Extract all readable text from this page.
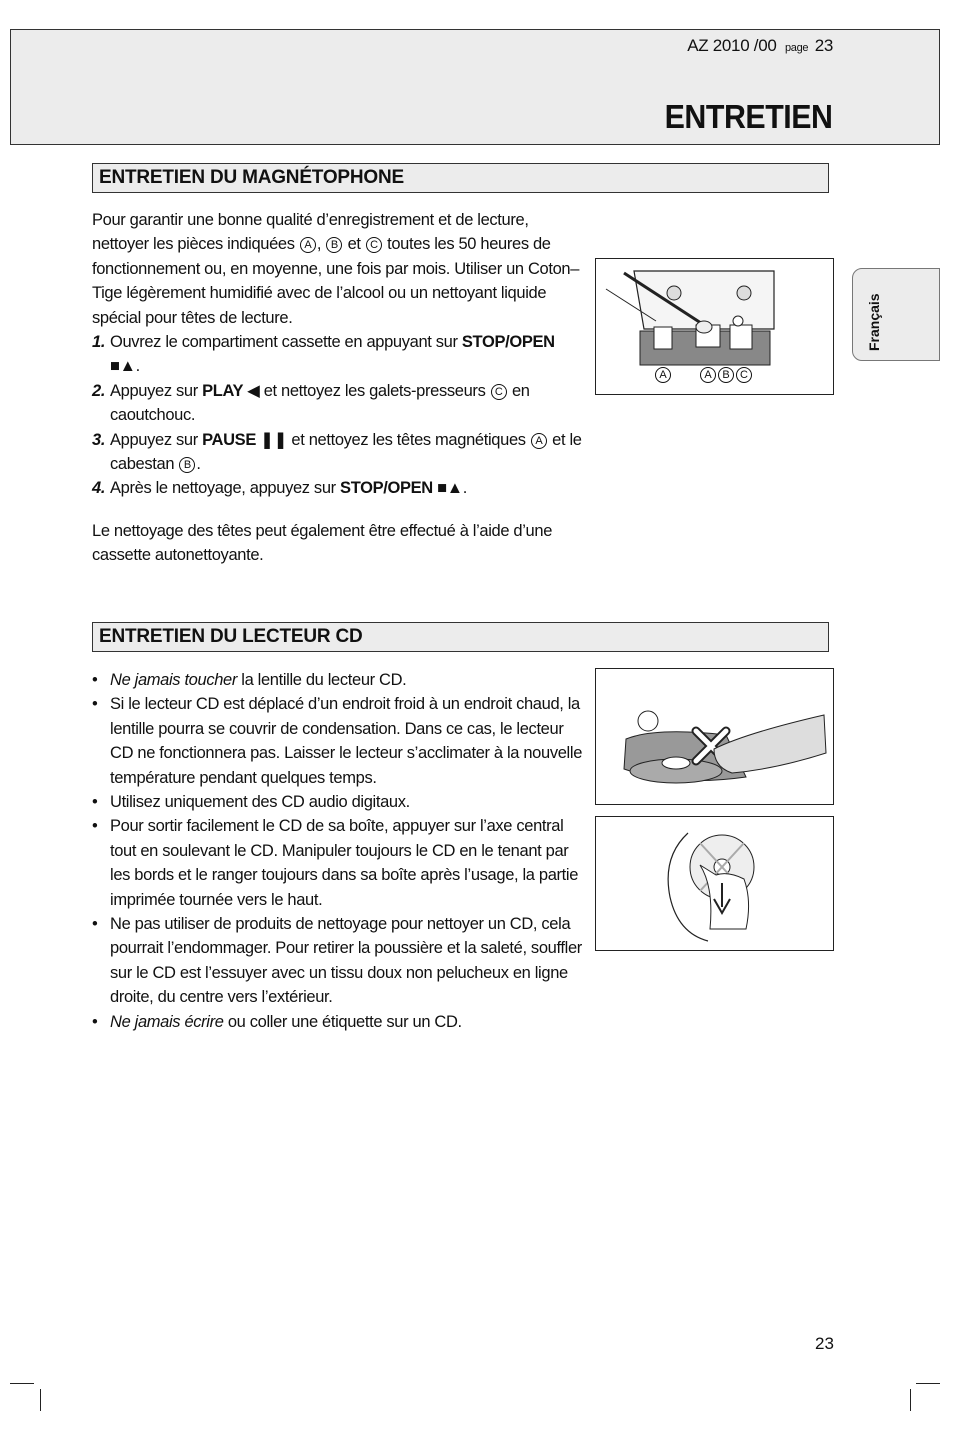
AZ 2010 /00 page 23
ENTRETIEN
Français
ENTRETIEN DU MAGNÉTOPHONE
Pour garantir une bonne qualité d’enregistrement et de lecture, nettoyer les pièces indiquées A , B et C toutes les 50 heures de fonctionnement ou, en moyenne, une fois par mois. Utiliser un Coton–Tige légèrement humidifié avec de l’alcool ou un nettoyant liquide spécial pour têtes de lecture.
1. Ouvrez le compartiment cassette en appuyant sur STOP/OPEN ■▲.
2. Appuyez sur PLAY ◀ et nettoyez les galets-presseurs C en caoutchouc.
3. Appuyez sur PAUSE ❚❚ et nettoyez les têtes magnétiques A et le cabestan B .
4. Après le nettoyage, appuyez sur STOP/OPEN ■▲.
Le nettoyage des têtes peut également être effectué à l’aide d’une cassette autonettoyante.
A	A B C
ENTRETIEN DU LECTEUR CD
• Ne jamais toucher la lentille du lecteur CD.
• Si le lecteur CD est déplacé d’un endroit froid à un endroit chaud, la lentille pourra se couvrir de condensation. Dans ce cas, le lecteur CD ne fonctionnera pas. Laisser le lecteur s’acclimater à la nouvelle température pendant quelques temps.
• Utilisez uniquement des CD audio digitaux.
• Pour sortir facilement le CD de sa boîte, appuyer sur l’axe central tout en soulevant le CD. Manipuler toujours le CD en le tenant par les bords et le ranger toujours dans sa boîte après l’usage, la partie imprimée tournée vers le haut.
• Ne pas utiliser de produits de nettoyage pour nettoyer un CD, cela pourrait l’endommager. Pour retirer la poussière et la saleté, souffler sur le CD est l’essuyer avec un tissu doux non pelucheux en ligne droite, du centre vers l’extérieur.
• Ne jamais écrire ou coller une étiquette sur un CD.
23
